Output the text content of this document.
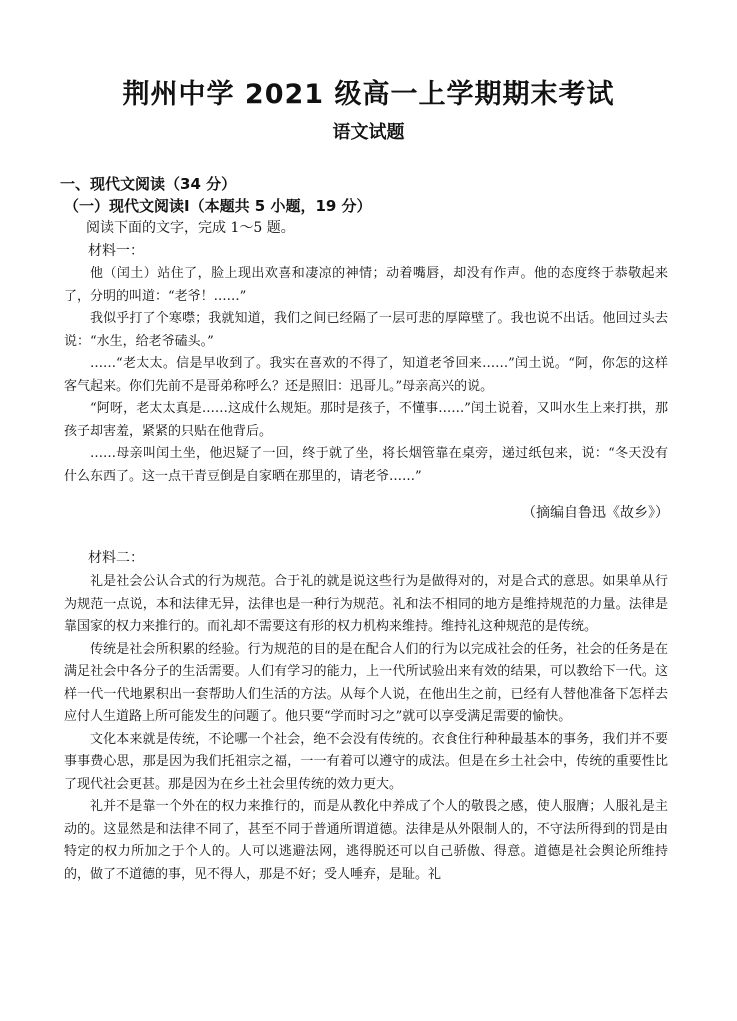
荆州中学 2021 级高一上学期期末考试
语文试题
一、现代文阅读（34 分）
（一）现代文阅读Ⅰ（本题共 5 小题，19 分）
阅读下面的文字，完成 1～5 题。
材料一：

他（闰土）站住了，脸上现出欢喜和凄凉的神情；动着嘴唇，却没有作声。他的态度终于恭敬起来了，分明的叫道：“老爷！……”

我似乎打了个寒噤；我就知道，我们之间已经隔了一层可悲的厚障壁了。我也说不出话。他回过头去说：“水生，给老爷磕头。”

……“老太太。信是早收到了。我实在喜欢的不得了，知道老爷回来……”闰土说。“阿，你怎的这样客气起来。你们先前不是哥弟称呼么？还是照旧：迅哥儿。”母亲高兴的说。

“阿呀，老太太真是……这成什么规矩。那时是孩子，不懂事……”闰土说着，又叫水生上来打拱，那孩子却害羞，紧紧的只贴在他背后。

……母亲叫闰土坐，他迟疑了一回，终于就了坐，将长烟管靠在桌旁，递过纸包来，说：“冬天没有什么东西了。这一点干青豆倒是自家晒在那里的，请老爷……”

（摘编自鲁迅《故乡》）
材料二：

礼是社会公认合式的行为规范。合于礼的就是说这些行为是做得对的，对是合式的意思。如果单从行为规范一点说，本和法律无异，法律也是一种行为规范。礼和法不相同的地方是维持规范的力量。法律是靠国家的权力来推行的。而礼却不需要这有形的权力机构来维持。维持礼这种规范的是传统。

传统是社会所积累的经验。行为规范的目的是在配合人们的行为以完成社会的任务，社会的任务是在满足社会中各分子的生活需要。人们有学习的能力，上一代所试验出来有效的结果，可以教给下一代。这样一代一代地累积出一套帮助人们生活的方法。从每个人说，在他出生之前，已经有人替他准备下怎样去应付人生道路上所可能发生的问题了。他只要“学而时习之”就可以享受满足需要的愉快。

文化本来就是传统，不论哪一个社会，绝不会没有传统的。衣食住行种种最基本的事务，我们并不要事事费心思，那是因为我们托祖宗之福，一一有着可以遵守的成法。但是在乡土社会中，传统的重要性比了现代社会更甚。那是因为在乡土社会里传统的效力更大。

礼并不是靠一个外在的权力来推行的，而是从教化中养成了个人的敬畏之感，使人服膺；人服礼是主动的。这显然是和法律不同了，甚至不同于普通所谓道德。法律是从外限制人的，不守法所得到的罚是由特定的权力所加之于个人的。人可以逃避法网，逃得脱还可以自己骄傲、得意。道德是社会舆论所维持的，做了不道德的事，见不得人，那是不好；受人唾弃，是耻。礼
